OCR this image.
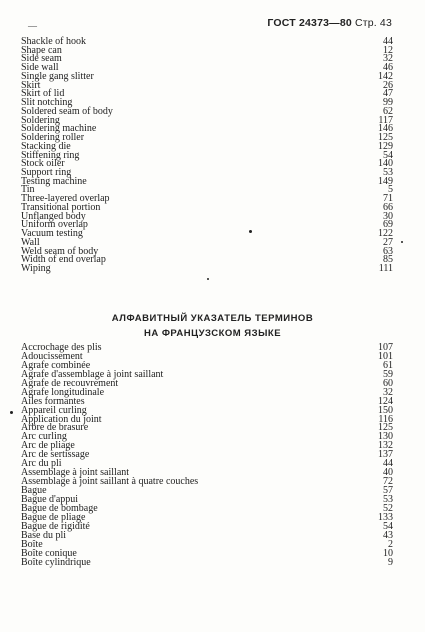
—	ГОСТ 24373—80 Стр. 43
Shackle of hook	44
Shape can	12
Side seam	32
Side wall	46
Single gang slitter	142
Skirt	26
Skirt of lid	47
Slit notching	99
Soldered seam of body	62
Soldering	117
Soldering machine	146
Soldering roller	125
Stacking die	129
Stiffening ring	54
Stock oiler	140
Support ring	53
Testing machine	149
Tin	5
Three-layered overlap	71
Transitional portion	66
Unflanged body	30
Uniform overlap	69
Vacuum testing	122
Wall	27
Weld seam of body	63
Width of end overlap	85
Wiping	111
АЛФАВИТНЫЙ УКАЗАТЕЛЬ ТЕРМИНОВ
НА ФРАНЦУЗСКОМ ЯЗЫКЕ
Accrochage des plis	107
Adoucissement	101
Agrafe combinée	61
Agrafe d'assemblage à joint saillant	59
Agrafe de recouvrement	60
Agrafe longitudinale	32
Ailes formantes	124
Appareil curling	150
Application du joint	116
Arbre de brasure	125
Arc curling	130
Arc de pliage	132
Arc de sertissage	137
Arc du pli	44
Assemblage à joint saillant	40
Assemblage à joint saillant à quatre couches	72
Bague	57
Bague d'appui	53
Bague de bombage	52
Bague de pliage	133
Bague de rigidité	54
Base du pli	43
Boîte	2
Boîte conique	10
Boîte cylindrique	9
